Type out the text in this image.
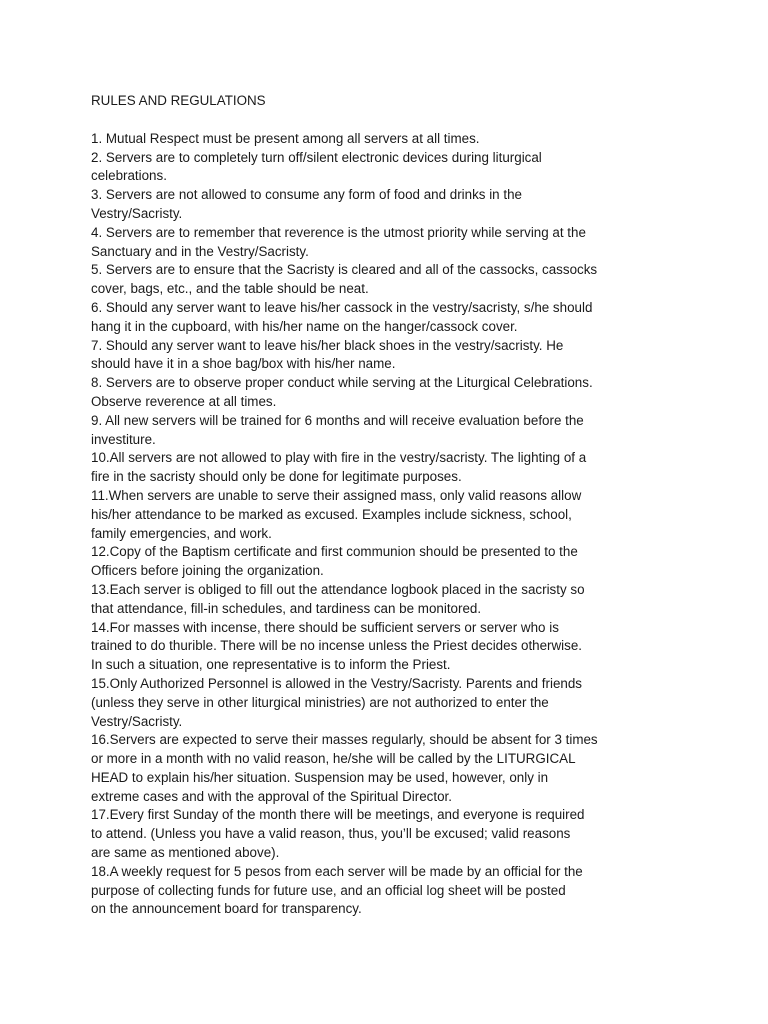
RULES AND REGULATIONS

1. Mutual Respect must be present among all servers at all times.

2. Servers are to completely turn off/silent electronic devices during liturgical

celebrations.

3. Servers are not allowed to consume any form of food and drinks in the

Vestry/Sacristy.

4. Servers are to remember that reverence is the utmost priority while serving at the

Sanctuary and in the Vestry/Sacristy.

5. Servers are to ensure that the Sacristy is cleared and all of the cassocks, cassocks

cover, bags, etc., and the table should be neat.

6. Should any server want to leave his/her cassock in the vestry/sacristy, s/he should

hang it in the cupboard, with his/her name on the hanger/cassock cover.

7. Should any server want to leave his/her black shoes in the vestry/sacristy. He

should have it in a shoe bag/box with his/her name.

8. Servers are to observe proper conduct while serving at the Liturgical Celebrations.

Observe reverence at all times.

9. All new servers will be trained for 6 months and will receive evaluation before the

investiture.

10.All servers are not allowed to play with fire in the vestry/sacristy. The lighting of a

fire in the sacristy should only be done for legitimate purposes.

11.When servers are unable to serve their assigned mass, only valid reasons allow

his/her attendance to be marked as excused. Examples include sickness, school,

family emergencies, and work.

12.Copy of the Baptism certificate and first communion should be presented to the

Officers before joining the organization.

13.Each server is obliged to fill out the attendance logbook placed in the sacristy so

that attendance, fill-in schedules, and tardiness can be monitored.

14.For masses with incense, there should be sufficient servers or server who is

trained to do thurible. There will be no incense unless the Priest decides otherwise.

In such a situation, one representative is to inform the Priest.

15.Only Authorized Personnel is allowed in the Vestry/Sacristy. Parents and friends

(unless they serve in other liturgical ministries) are not authorized to enter the

Vestry/Sacristy.

16.Servers are expected to serve their masses regularly, should be absent for 3 times

or more in a month with no valid reason, he/she will be called by the LITURGICAL

HEAD to explain his/her situation. Suspension may be used, however, only in

extreme cases and with the approval of the Spiritual Director.

17.Every first Sunday of the month there will be meetings, and everyone is required

to attend. (Unless you have a valid reason, thus, you’ll be excused; valid reasons

are same as mentioned above).

18.A weekly request for 5 pesos from each server will be made by an official for the

purpose of collecting funds for future use, and an official log sheet will be posted

on the announcement board for transparency.
